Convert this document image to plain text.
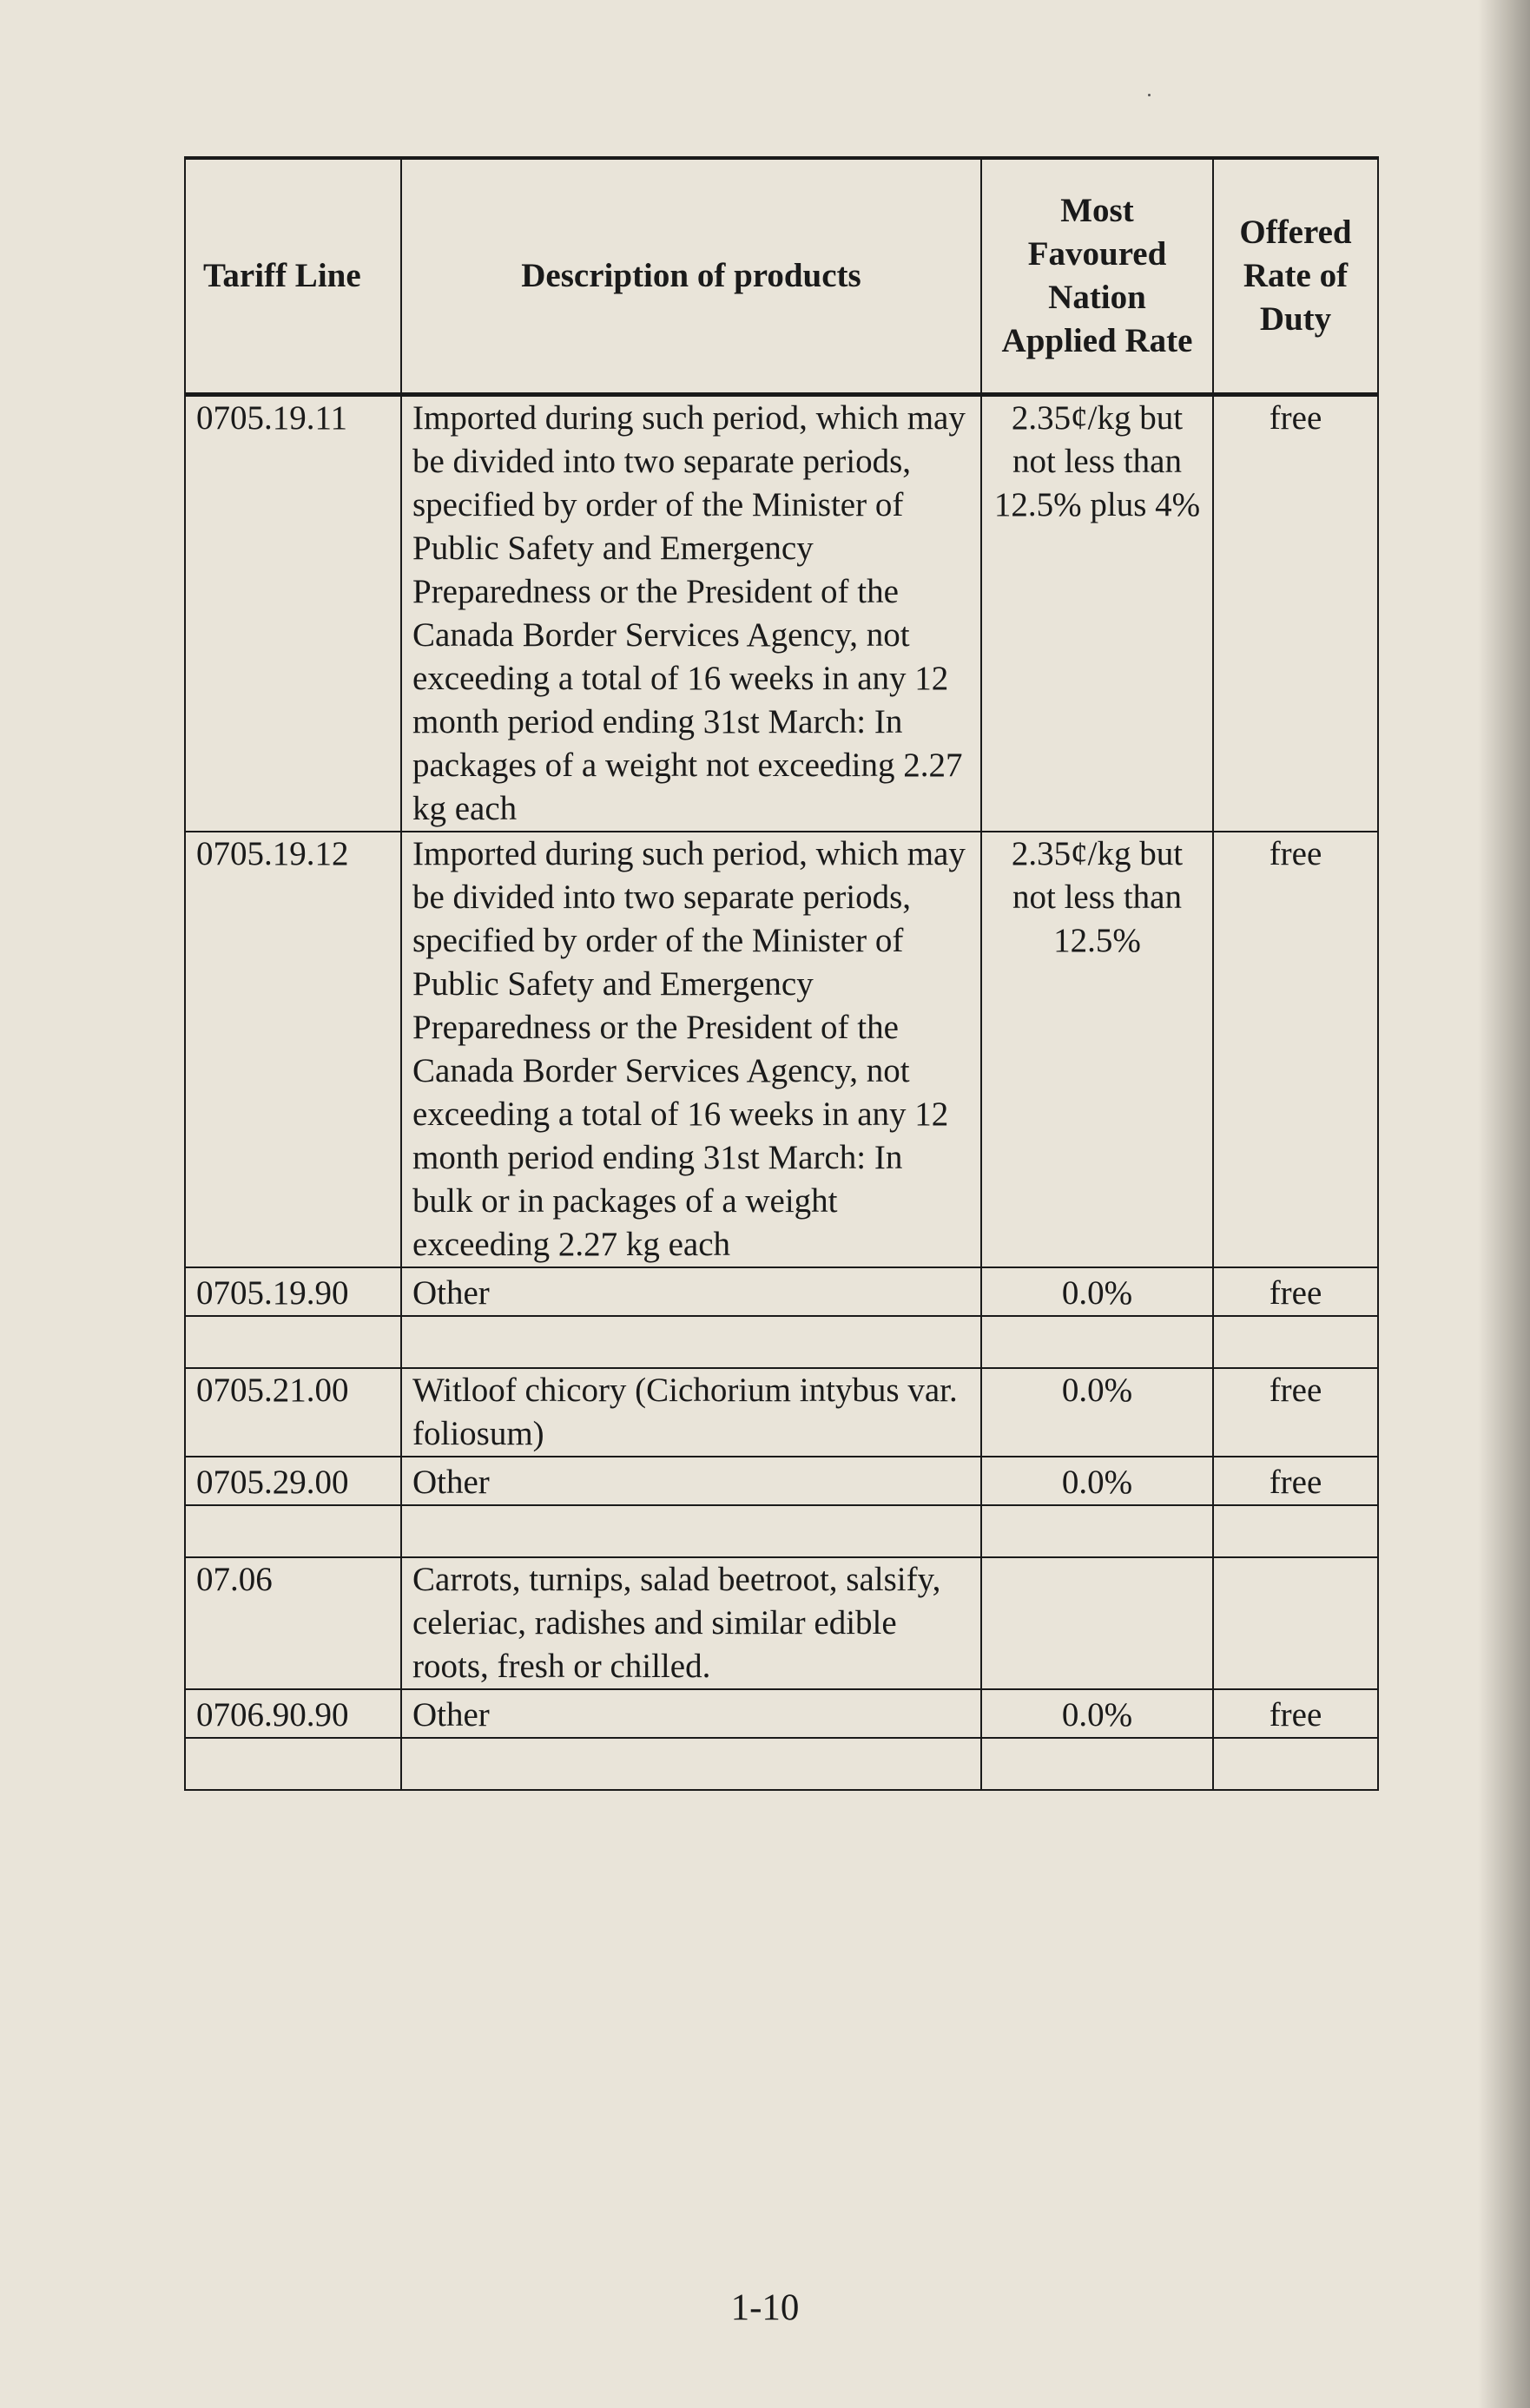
Tariff Line	Description of products	Most Favoured Nation Applied Rate	Offered Rate of Duty
0705.19.11	Imported during such period, which may be divided into two separate periods, specified by order of the Minister of Public Safety and Emergency Preparedness or the President of the Canada Border Services Agency, not exceeding a total of 16 weeks in any 12 month period ending 31st March: In packages of a weight not exceeding 2.27 kg each	2.35¢/kg but not less than 12.5% plus 4%	free
0705.19.12	Imported during such period, which may be divided into two separate periods, specified by order of the Minister of Public Safety and Emergency Preparedness or the President of the Canada Border Services Agency, not exceeding a total of 16 weeks in any 12 month period ending 31st March: In bulk or in packages of a weight exceeding 2.27 kg each	2.35¢/kg but not less than 12.5%	free
0705.19.90	Other	0.0%	free

0705.21.00	Witloof chicory (Cichorium intybus var. foliosum)	0.0%	free
0705.29.00	Other	0.0%	free

07.06	Carrots, turnips, salad beetroot, salsify, celeriac, radishes and similar edible roots, fresh or chilled.		
0706.90.90	Other	0.0%	free

1-10
